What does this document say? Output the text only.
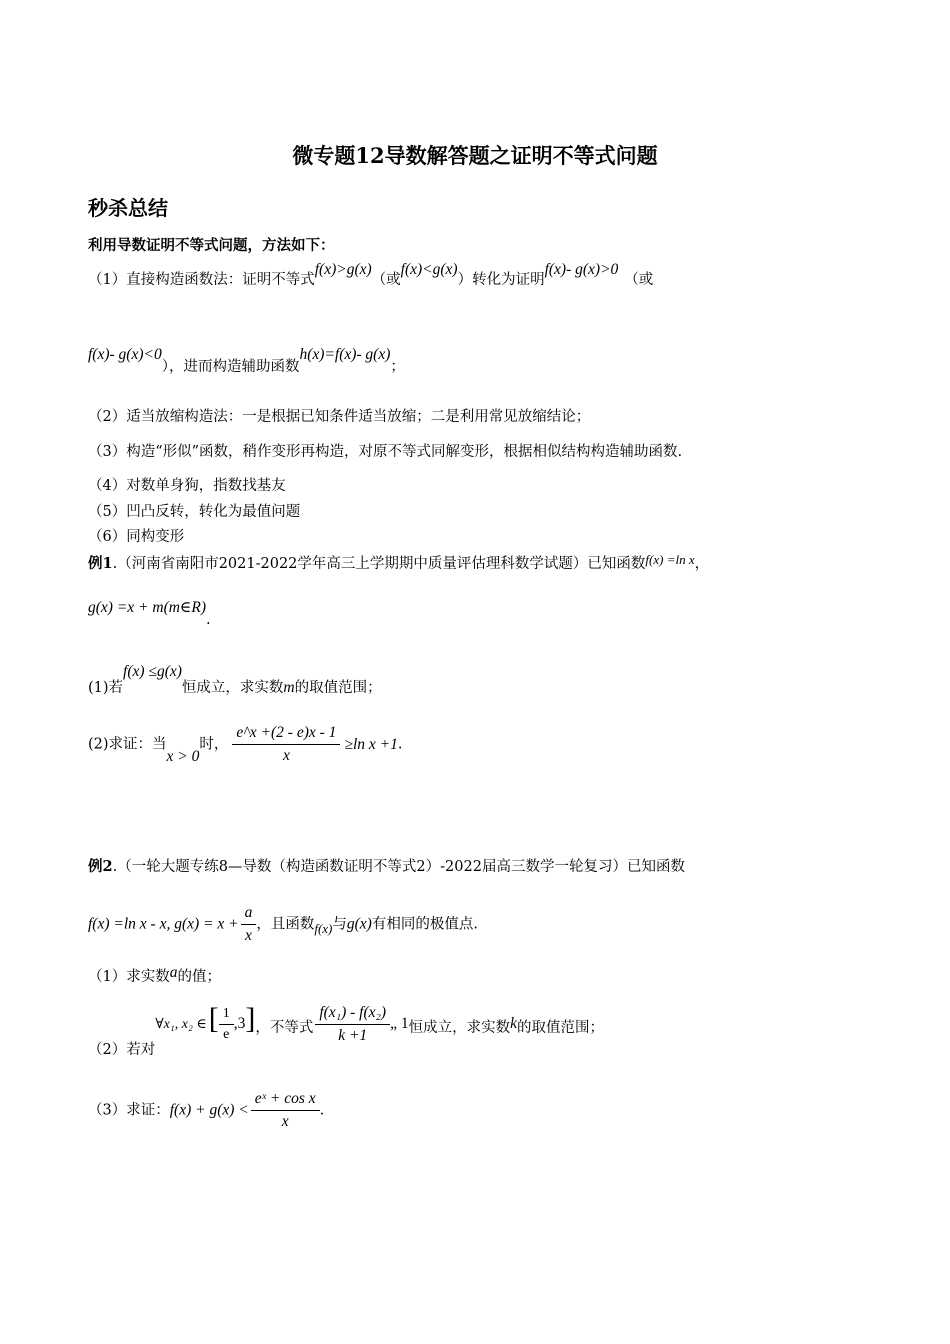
微专题12导数解答题之证明不等式问题
秒杀总结
利用导数证明不等式问题，方法如下：
（1）直接构造函数法：证明不等式f(x)>g(x)（或f(x)<g(x)）转化为证明f(x)- g(x)>0（或
f(x)- g(x)<0），进而构造辅助函数h(x)=f(x)- g(x)；
（2）适当放缩构造法：一是根据已知条件适当放缩；二是利用常见放缩结论；
（3）构造“形似”函数，稍作变形再构造，对原不等式同解变形，根据相似结构构造辅助函数.
（4）对数单身狗，指数找基友
（5）凹凸反转，转化为最值问题
（6）同构变形
例1.（河南省南阳市2021-2022学年高三上学期期中质量评估理科数学试题）已知函数f(x) =ln x，
g(x) =x + m(m∈R).
(1)若f(x) ≤g(x)恒成立，求实数m的取值范围；
(2)求证：当x > 0时， $\frac{e\^{}x +(2 - e)x - 1}{x} \ge\ln$ x +1.
例2.（一轮大题专练8—导数（构造函数证明不等式2）-2022届高三数学一轮复习）已知函数
f(x) =ln x - x, $g(x) = x + \frac{a}{x}$ ，且函数f(x)与g(x)有相同的极值点.
（1）求实数a的值；
（2）若对∀x₁, x₂ ∈[ $\frac{1}{e} ,3$]，不等式 $\frac{\text{f(x₁) - f(x₂)}}{k +1}$ „ 1恒成立，求实数k的取值范围；
（3）求证：$f(x) + g(x) < \frac{\text{eˣ + cos x}}{x}$ .
